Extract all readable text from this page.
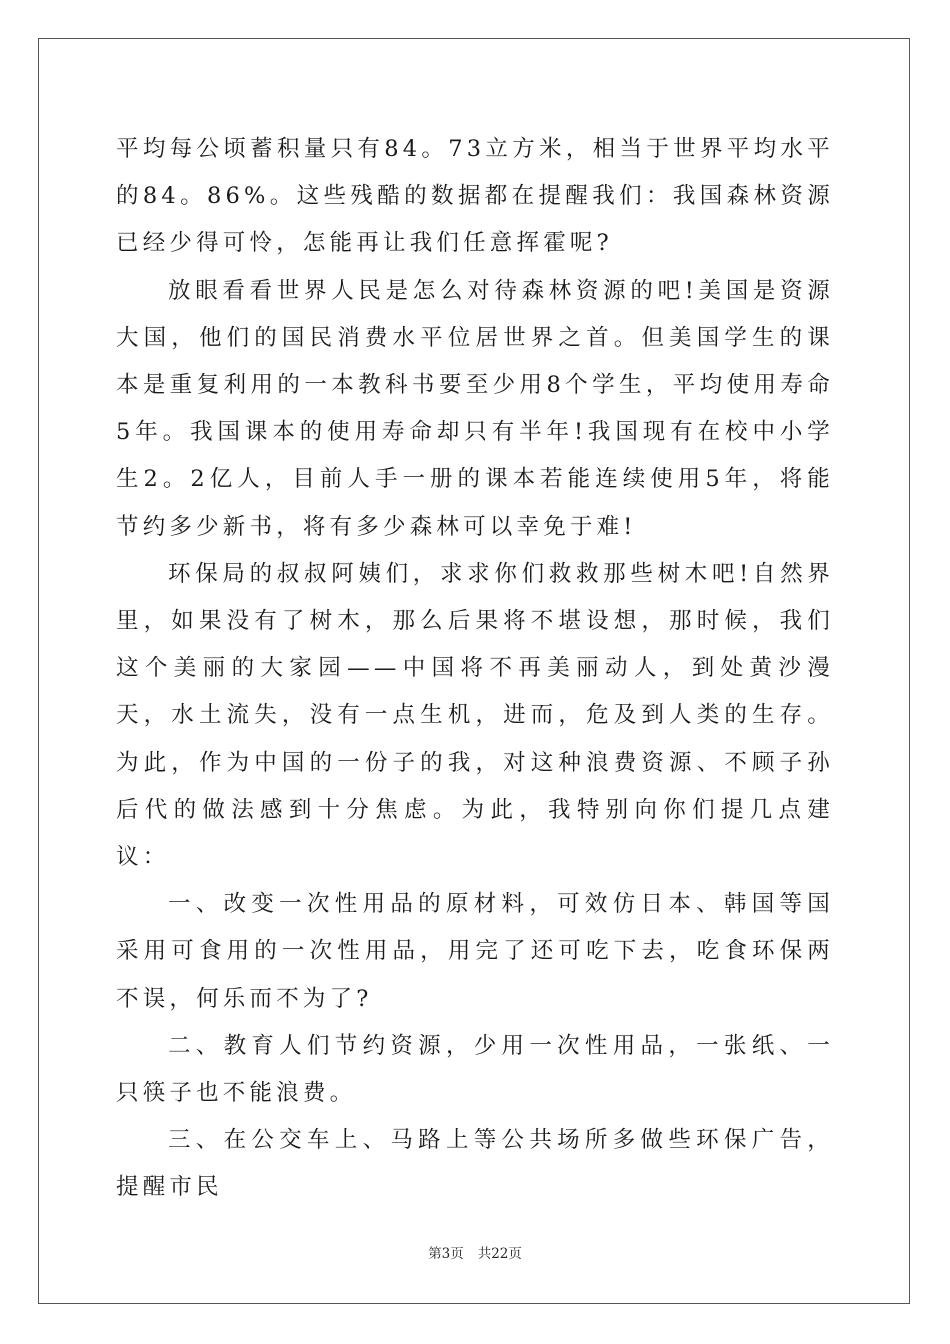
平均每公顷蓄积量只有84。73立方米，相当于世界平均水平的84。86%。这些残酷的数据都在提醒我们：我国森林资源已经少得可怜，怎能再让我们任意挥霍呢?

放眼看看世界人民是怎么对待森林资源的吧!美国是资源大国，他们的国民消费水平位居世界之首。但美国学生的课本是重复利用的一本教科书要至少用8个学生，平均使用寿命5年。我国课本的使用寿命却只有半年!我国现有在校中小学生2。2亿人，目前人手一册的课本若能连续使用5年，将能节约多少新书，将有多少森林可以幸免于难!

环保局的叔叔阿姨们，求求你们救救那些树木吧!自然界里，如果没有了树木，那么后果将不堪设想，那时候，我们这个美丽的大家园——中国将不再美丽动人，到处黄沙漫天，水土流失，没有一点生机，进而，危及到人类的生存。为此，作为中国的一份子的我，对这种浪费资源、不顾子孙后代的做法感到十分焦虑。为此，我特别向你们提几点建议：

一、改变一次性用品的原材料，可效仿日本、韩国等国采用可食用的一次性用品，用完了还可吃下去，吃食环保两不误，何乐而不为了?

二、教育人们节约资源，少用一次性用品，一张纸、一只筷子也不能浪费。

三、在公交车上、马路上等公共场所多做些环保广告，提醒市民

第3页 共22页
